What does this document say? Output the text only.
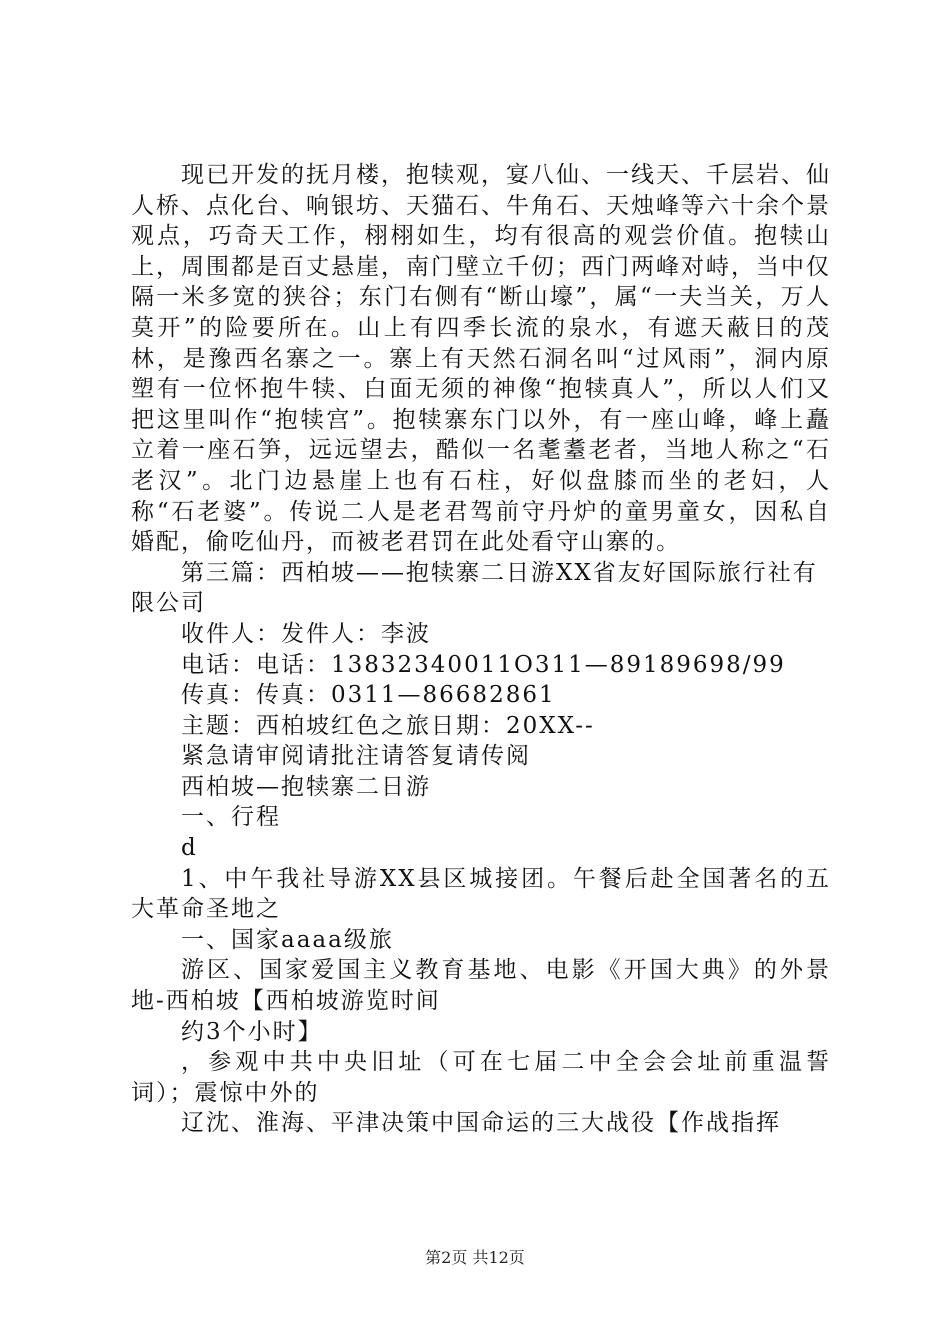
现已开发的抚月楼，抱犊观，宴八仙、一线天、千层岩、仙人桥、点化台、响银坊、天猫石、牛角石、天烛峰等六十余个景观点，巧奇天工作，栩栩如生，均有很高的观尝价值。抱犊山上，周围都是百丈悬崖，南门壁立千仞；西门两峰对峙，当中仅隔一米多宽的狭谷；东门右侧有“断山壕”，属“一夫当关，万人莫开”的险要所在。山上有四季长流的泉水，有遮天蔽日的茂林，是豫西名寨之一。寨上有天然石洞名叫“过风雨”，洞内原塑有一位怀抱牛犊、白面无须的神像“抱犊真人”，所以人们又把这里叫作“抱犊宫”。抱犊寨东门以外，有一座山峰，峰上矗立着一座石笋，远远望去，酷似一名耄耋老者，当地人称之“石老汉”。北门边悬崖上也有石柱，好似盘膝而坐的老妇，人称“石老婆”。传说二人是老君驾前守丹炉的童男童女，因私自婚配，偷吃仙丹，而被老君罚在此处看守山寨的。

第三篇：西柏坡——抱犊寨二日游XX省友好国际旅行社有限公司

收件人：发件人：李波

电话：电话：13832340011O311—89189698/99

传真：传真：0311—86682861

主题：西柏坡红色之旅日期：20XX--

紧急请审阅请批注请答复请传阅

西柏坡—抱犊寨二日游

一、行程

d

1、中午我社导游XX县区城接团。午餐后赴全国著名的五大革命圣地之

一、国家aaaa级旅

游区、国家爱国主义教育基地、电影《开国大典》的外景地-西柏坡【西柏坡游览时间

约3个小时】

，参观中共中央旧址（可在七届二中全会会址前重温誓词）；震惊中外的

辽沈、淮海、平津决策中国命运的三大战役【作战指挥

第2页 共12页
